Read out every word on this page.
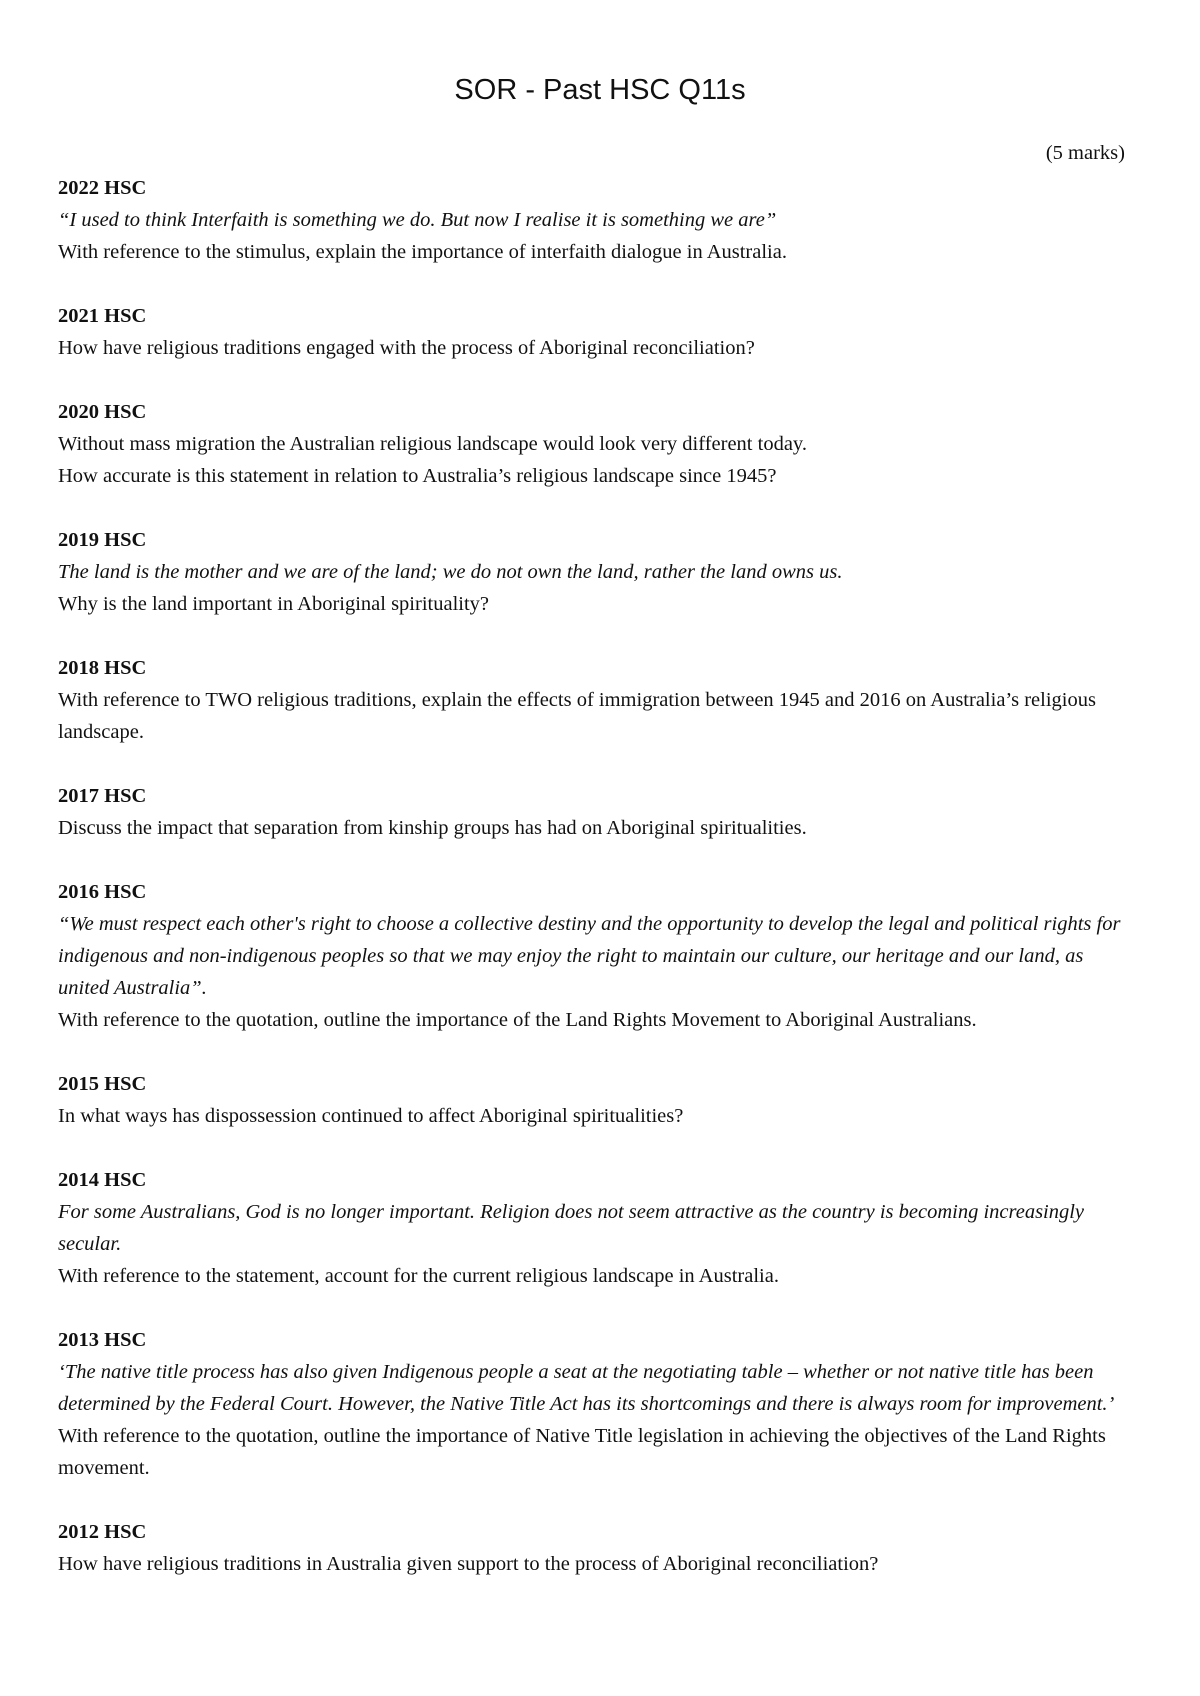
SOR - Past HSC Q11s
(5 marks)
2022 HSC
“I used to think Interfaith is something we do. But now I realise it is something we are”
With reference to the stimulus, explain the importance of interfaith dialogue in Australia.
2021 HSC
How have religious traditions engaged with the process of Aboriginal reconciliation?
2020 HSC
Without mass migration the Australian religious landscape would look very different today.
How accurate is this statement in relation to Australia’s religious landscape since 1945?
2019 HSC
The land is the mother and we are of the land; we do not own the land, rather the land owns us.
Why is the land important in Aboriginal spirituality?
2018 HSC
With reference to TWO religious traditions, explain the effects of immigration between 1945 and 2016 on Australia’s religious landscape.
2017 HSC
Discuss the impact that separation from kinship groups has had on Aboriginal spiritualities.
2016 HSC
“We must respect each other's right to choose a collective destiny and the opportunity to develop the legal and political rights for indigenous and non-indigenous peoples so that we may enjoy the right to maintain our culture, our heritage and our land, as united Australia”.
With reference to the quotation, outline the importance of the Land Rights Movement to Aboriginal Australians.
2015 HSC
In what ways has dispossession continued to affect Aboriginal spiritualities?
2014 HSC
For some Australians, God is no longer important. Religion does not seem attractive as the country is becoming increasingly secular.
With reference to the statement, account for the current religious landscape in Australia.
2013 HSC
‘The native title process has also given Indigenous people a seat at the negotiating table – whether or not native title has been determined by the Federal Court. However, the Native Title Act has its shortcomings and there is always room for improvement.’
With reference to the quotation, outline the importance of Native Title legislation in achieving the objectives of the Land Rights movement.
2012 HSC
How have religious traditions in Australia given support to the process of Aboriginal reconciliation?
